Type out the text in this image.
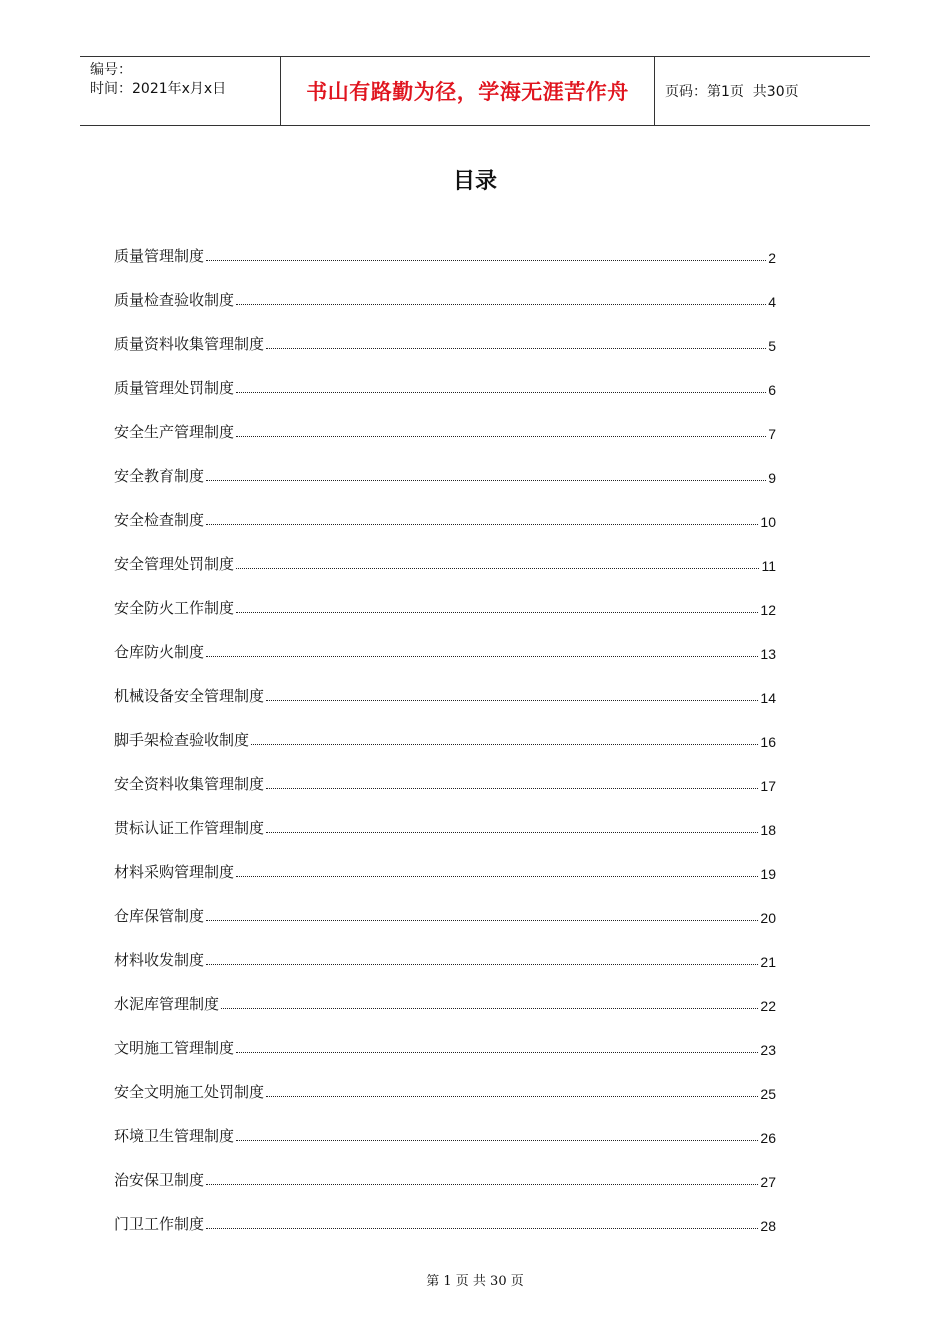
编号：
时间：2021年x月x日	书山有路勤为径，学海无涯苦作舟	页码：第1页  共30页
目录
质量管理制度	2
质量检查验收制度	4
质量资料收集管理制度	5
质量管理处罚制度	6
安全生产管理制度	7
安全教育制度	9
安全检查制度	10
安全管理处罚制度	11
安全防火工作制度	12
仓库防火制度	13
机械设备安全管理制度	14
脚手架检查验收制度	16
安全资料收集管理制度	17
贯标认证工作管理制度	18
材料采购管理制度	19
仓库保管制度	20
材料收发制度	21
水泥库管理制度	22
文明施工管理制度	23
安全文明施工处罚制度	25
环境卫生管理制度	26
治安保卫制度	27
门卫工作制度	28
第 1 页 共 30 页
